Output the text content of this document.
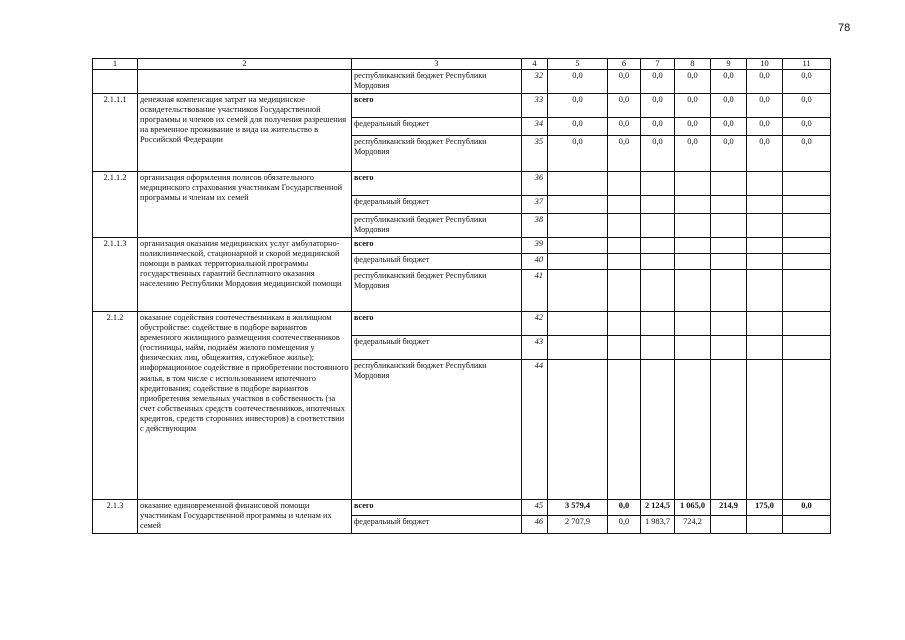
78
1	2	3	4	5	6	7	8	9	10	11
		республиканский бюджет Республики Мордовия	32	0,0	0,0	0,0	0,0	0,0	0,0	0,0
2.1.1.1	денежная компенсация затрат на медицинское освидетельствование участников Государственной программы и членов их семей для получения разрешения на временное проживание и вида на жительство в Российской Федерации	всего	33	0,0	0,0	0,0	0,0	0,0	0,0	0,0
		федеральный бюджет	34	0,0	0,0	0,0	0,0	0,0	0,0	0,0
		республиканский бюджет Республики Мордовия	35	0,0	0,0	0,0	0,0	0,0	0,0	0,0
2.1.1.2	организация оформления полисов обязательного медицинского страхования участникам Государственной программы и членам их семей	всего	36							
		федеральный бюджет	37							
		республиканский бюджет Республики Мордовия	38							
2.1.1.3	организация оказания медицинских услуг амбулаторно-поликлинической, стационарной и скорой медицинской помощи в рамках территориальной программы государственных гарантий бесплатного оказания населению Республики Мордовия медицинской помощи	всего	39							
		федеральный бюджет	40							
		республиканский бюджет Республики Мордовия	41							
2.1.2	оказание содействия соотечественникам в жилищном обустройстве: содействие в подборе вариантов временного жилищного размещения соотечественников (гостиницы, найм, поднаём жилого помещения у физических лиц, общежития, служебное жилье); информационное содействие в приобретении постоянного жилья, в том числе с использованием ипотечного кредитования; содействие в подборе вариантов приобретения земельных участков в собственность (за счет собственных средств соотечественников, ипотечных кредитов, средств сторонних инвесторов) в соответствии с действующим	всего	42							
		федеральный бюджет	43							
		республиканский бюджет Республики Мордовия	44							
2.1.3	оказание единовременной финансовой помощи участникам Государственной программы и членам их семей	всего	45	3 579,4	0,0	2 124,5	1 065,0	214,9	175,0	0,0
		федеральный бюджет	46	2 707,9	0,0	1 983,7	724,2			
